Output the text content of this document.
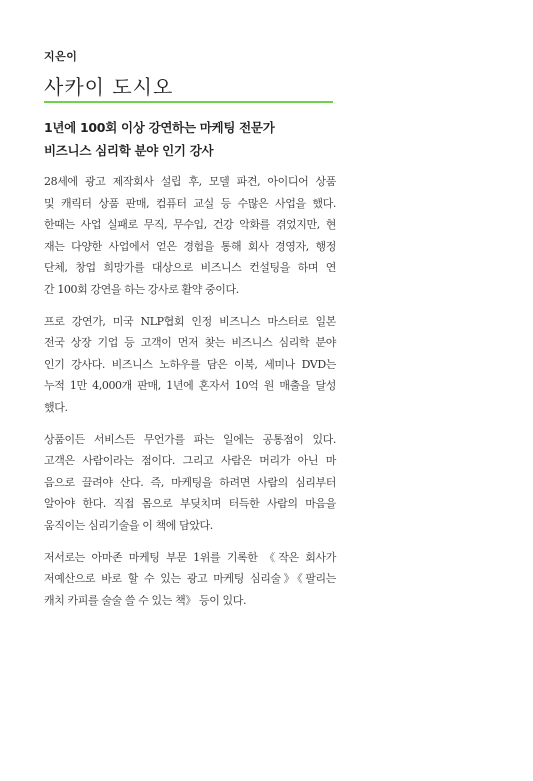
지은이

사카이 도시오
1년에 100회 이상 강연하는 마케팅 전문가
비즈니스 심리학 분야 인기 강사
28세에 광고 제작회사 설립 후, 모델 파견, 아이디어 상품
및 캐릭터 상품 판매, 컴퓨터 교실 등 수많은 사업을 했다.
한때는 사업 실패로 무직, 무수입, 건강 악화를 겪었지만, 현
재는 다양한 사업에서 얻은 경험을 통해 회사 경영자, 행정
단체, 창업 희망가를 대상으로 비즈니스 컨설팅을 하며 연
간 100회 강연을 하는 강사로 활약 중이다.
프로 강연가, 미국 NLP협회 인정 비즈니스 마스터로 일본
전국 상장 기업 등 고객이 먼저 찾는 비즈니스 심리학 분야
인기 강사다. 비즈니스 노하우를 담은 이북, 세미나 DVD는
누적 1만 4,000개 판매, 1년에 혼자서 10억 원 매출을 달성
했다.
상품이든 서비스든 무언가를 파는 일에는 공통점이 있다.
고객은 사람이라는 점이다. 그리고 사람은 머리가 아닌 마
음으로 끌려야 산다. 즉, 마케팅을 하려면 사람의 심리부터
알아야 한다. 직접 몸으로 부딪치며 터득한 사람의 마음을
움직이는 심리기술을 이 책에 담았다.
저서로는 아마존 마케팅 부문 1위를 기록한 《작은 회사가
저예산으로 바로 할 수 있는 광고 마케팅 심리술》《팔리는
캐치 카피를 술술 쓸 수 있는 책》 등이 있다.
